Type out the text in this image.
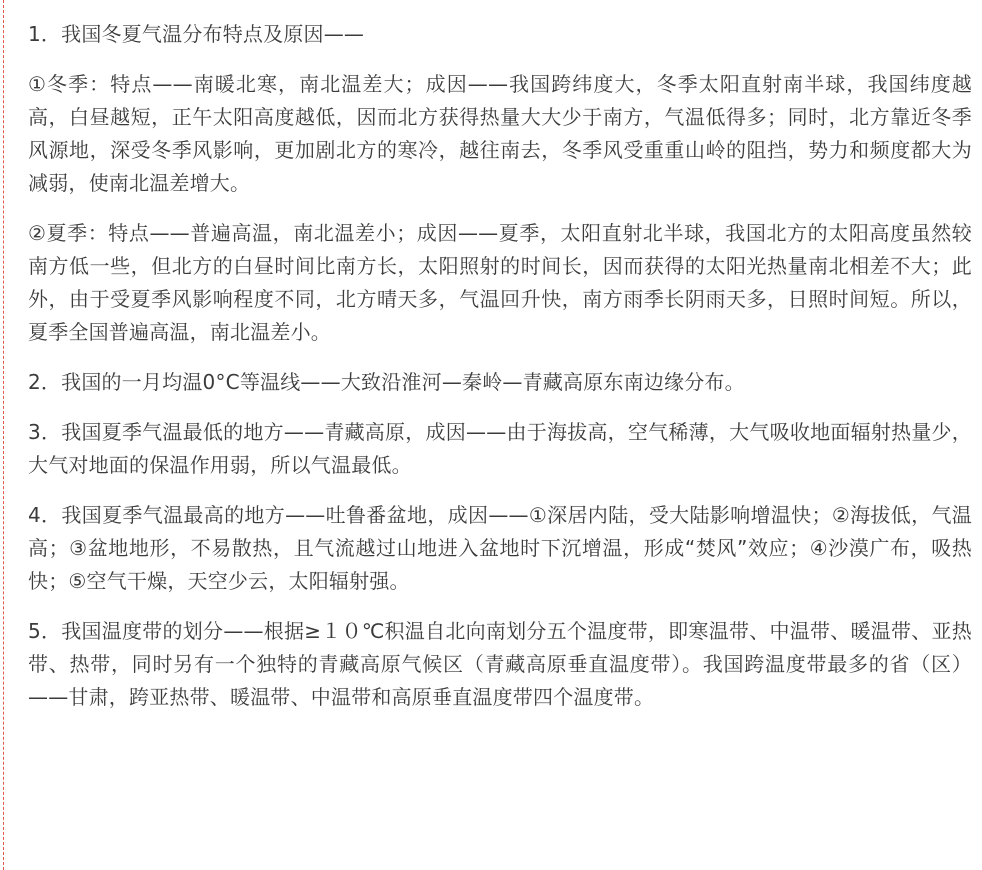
1．我国冬夏气温分布特点及原因——

①冬季：特点——南暖北寒，南北温差大；成因——我国跨纬度大，冬季太阳直射南半球，我国纬度越高，白昼越短，正午太阳高度越低，因而北方获得热量大大少于南方，气温低得多；同时，北方靠近冬季风源地，深受冬季风影响，更加剧北方的寒冷，越往南去，冬季风受重重山岭的阻挡，势力和频度都大为减弱，使南北温差增大。

②夏季：特点——普遍高温，南北温差小；成因——夏季，太阳直射北半球，我国北方的太阳高度虽然较南方低一些，但北方的白昼时间比南方长，太阳照射的时间长，因而获得的太阳光热量南北相差不大；此外，由于受夏季风影响程度不同，北方晴天多，气温回升快，南方雨季长阴雨天多，日照时间短。所以，夏季全国普遍高温，南北温差小。

2．我国的一月均温0°C等温线——大致沿淮河—秦岭—青藏高原东南边缘分布。

3．我国夏季气温最低的地方——青藏高原，成因——由于海拔高，空气稀薄，大气吸收地面辐射热量少，大气对地面的保温作用弱，所以气温最低。

4．我国夏季气温最高的地方——吐鲁番盆地，成因——①深居内陆，受大陆影响增温快；②海拔低，气温高；③盆地地形，不易散热，且气流越过山地进入盆地时下沉增温，形成“焚风”效应；④沙漠广布，吸热快；⑤空气干燥，天空少云，太阳辐射强。

5．我国温度带的划分——根据≥１０℃积温自北向南划分五个温度带，即寒温带、中温带、暖温带、亚热带、热带，同时另有一个独特的青藏高原气候区（青藏高原垂直温度带）。我国跨温度带最多的省（区）——甘肃，跨亚热带、暖温带、中温带和高原垂直温度带四个温度带。
